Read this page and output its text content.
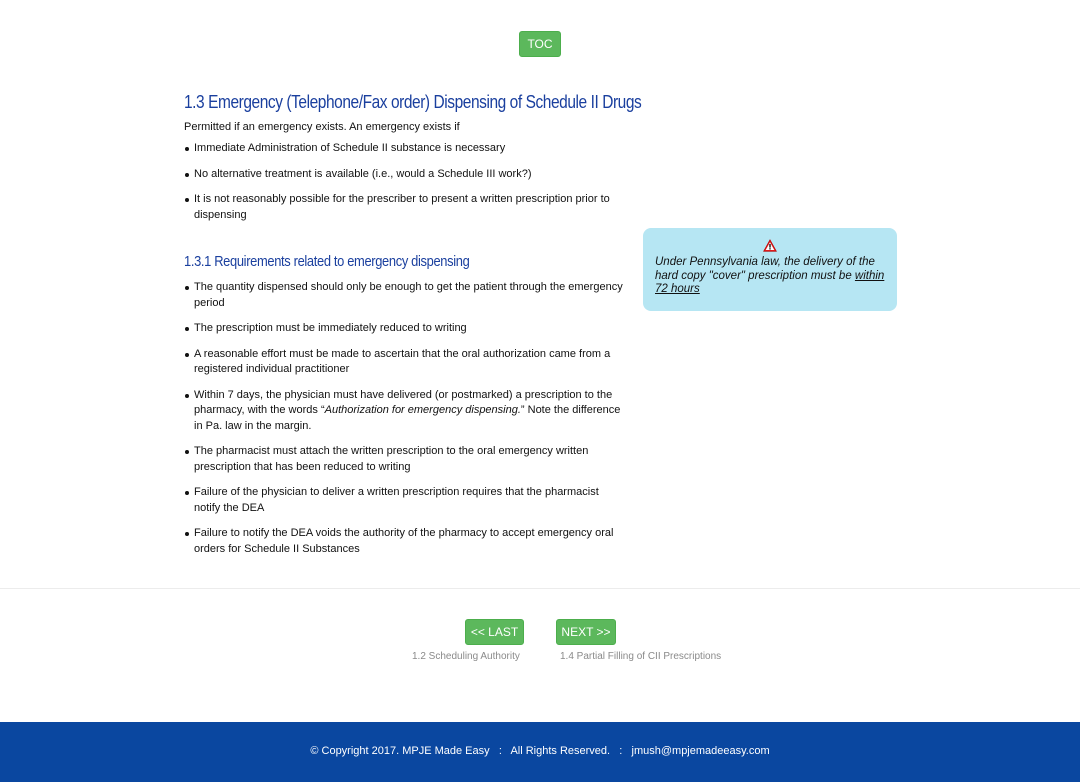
TOC
1.3 Emergency (Telephone/Fax order) Dispensing of Schedule II Drugs

Permitted if an emergency exists. An emergency exists if

Immediate Administration of Schedule II substance is necessary
No alternative treatment is available (i.e., would a Schedule III work?)
It is not reasonably possible for the prescriber to present a written prescription prior to dispensing
1.3.1 Requirements related to emergency dispensing
The quantity dispensed should only be enough to get the patient through the emergency period
The prescription must be immediately reduced to writing
A reasonable effort must be made to ascertain that the oral authorization came from a registered individual practitioner
Within 7 days, the physician must have delivered (or postmarked) a prescription to the pharmacy, with the words “Authorization for emergency dispensing.” Note the difference in Pa. law in the margin.
The pharmacist must attach the written prescription to the oral emergency written prescription that has been reduced to writing
Failure of the physician to deliver a written prescription requires that the pharmacist notify the DEA
Failure to notify the DEA voids the authority of the pharmacy to accept emergency oral orders for Schedule II Substances

Under Pennsylvania law, the delivery of the hard copy "cover" prescription must be within 72 hours

<< LAST	NEXT >>
1.2 Scheduling Authority	1.4 Partial Filling of CII Prescriptions
© Copyright 2017. MPJE Made Easy   :   All Rights Reserved.   :   jmush@mpjemadeeasy.com
